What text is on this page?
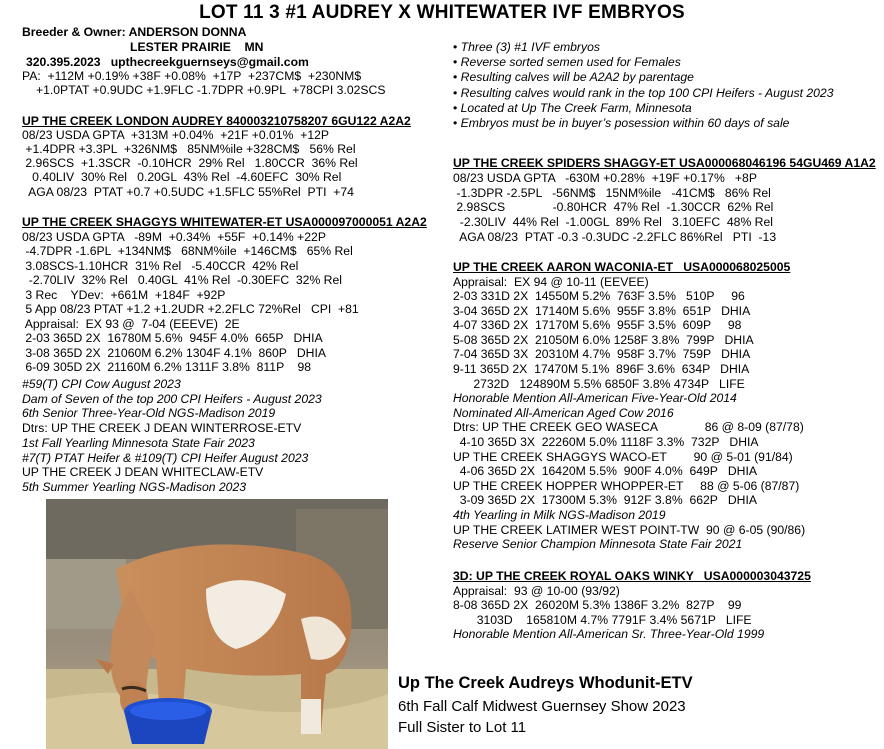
LOT 11 3 #1 AUDREY X WHITEWATER IVF EMBRYOS
Breeder & Owner: ANDERSON DONNA
LESTER PRAIRIE    MN
320.395.2023   upthecreekguernseys@gmail.com
PA:  +112M +0.19% +38F +0.08%  +17P  +237CM$  +230NM$
+1.0PTAT +0.9UDC +1.9FLC -1.7DPR +0.9PL  +78CPI 3.02SCS
• Three (3) #1 IVF embryos
• Reverse sorted semen used for Females
• Resulting calves will be A2A2 by parentage
• Resulting calves would rank in the top 100 CPI Heifers - August 2023
• Located at Up The Creek Farm, Minnesota
• Embryos must be in buyer’s posession within 60 days of sale
UP THE CREEK LONDON AUDREY 840003210758207 6GU122 A2A2
08/23 USDA GPTA  +313M +0.04%  +21F +0.01%  +12P
+1.4DPR +3.3PL  +326NM$   85NM%ile +328CM$   56% Rel
2.96SCS  +1.3SCR  -0.10HCR  29% Rel   1.80CCR  36% Rel
0.40LIV  30% Rel   0.20GL  43% Rel  -4.60EFC  30% Rel
AGA 08/23  PTAT +0.7 +0.5UDC +1.5FLC 55%Rel  PTI  +74
UP THE CREEK SHAGGYS WHITEWATER-ET USA000097000051 A2A2
08/23 USDA GPTA   -89M  +0.34%  +55F  +0.14% +22P
-4.7DPR -1.6PL  +134NM$   68NM%ile  +146CM$   65% Rel
3.08SCS-1.10HCR  31% Rel   -5.40CCR  42% Rel
-2.70LIV  32% Rel   0.40GL  41% Rel  -0.30EFC  32% Rel
3 Rec    YDev:  +661M  +184F  +92P
5 App 08/23 PTAT +1.2 +1.2UDR +2.2FLC 72%Rel   CPI  +81
Appraisal:  EX 93 @  7-04 (EEEVE)  2E
2-03 365D 2X  16780M 5.6%  945F 4.0%  665P   DHIA
3-08 365D 2X  21060M 6.2% 1304F 4.1%  860P   DHIA
6-09 305D 2X  21160M 6.2% 1311F 3.8%  811P    98
#59(T) CPI Cow August 2023
Dam of Seven of the top 200 CPI Heifers - August 2023
6th Senior Three-Year-Old NGS-Madison 2019
Dtrs: UP THE CREEK J DEAN WINTERROSE-ETV
1st Fall Yearling Minnesota State Fair 2023
#7(T) PTAT Heifer & #109(T) CPI Heifer August 2023
UP THE CREEK J DEAN WHITECLAW-ETV
5th Summer Yearling NGS-Madison 2023
UP THE CREEK SPIDERS SHAGGY-ET USA000068046196 54GU469 A1A2
08/23 USDA GPTA   -630M +0.28%  +19F +0.17%   +8P
-1.3DPR -2.5PL   -56NM$   15NM%ile   -41CM$   86% Rel
2.98SCS              -0.80HCR  47% Rel  -1.30CCR  62% Rel
-2.30LIV  44% Rel  -1.00GL  89% Rel   3.10EFC  48% Rel
AGA 08/23  PTAT -0.3 -0.3UDC -2.2FLC 86%Rel   PTI  -13
UP THE CREEK AARON WACONIA-ET   USA000068025005
Appraisal:  EX 94 @ 10-11 (EEVEE)
2-03 331D 2X  14550M 5.2%  763F 3.5%   510P     96
3-04 365D 2X  17140M 5.6%  955F 3.8%  651P   DHIA
4-07 336D 2X  17170M 5.6%  955F 3.5%  609P     98
5-08 365D 2X  21050M 6.0% 1258F 3.8%  799P   DHIA
7-04 365D 3X  20310M 4.7%  958F 3.7%  759P   DHIA
9-11 365D 2X  17470M 5.1%  896F 3.6%  634P   DHIA
2732D   124890M 5.5% 6850F 3.8% 4734P   LIFE
Honorable Mention All-American Five-Year-Old 2014
Nominated All-American Aged Cow 2016
Dtrs: UP THE CREEK GEO WASECA              86 @ 8-09 (87/78)
4-10 365D 3X  22260M 5.0% 1118F 3.3%  732P   DHIA
UP THE CREEK SHAGGYS WACO-ET        90 @ 5-01 (91/84)
4-06 365D 2X  16420M 5.5%  900F 4.0%  649P   DHIA
UP THE CREEK HOPPER WHOPPER-ET     88 @ 5-06 (87/87)
3-09 365D 2X  17300M 5.3%  912F 3.8%  662P   DHIA
4th Yearling in Milk NGS-Madison 2019
UP THE CREEK LATIMER WEST POINT-TW  90 @ 6-05 (90/86)
Reserve Senior Champion Minnesota State Fair 2021
3D: UP THE CREEK ROYAL OAKS WINKY   USA000003043725
Appraisal:  93 @ 10-00 (93/92)
8-08 365D 2X  26020M 5.3% 1386F 3.2%  827P    99
3103D    165810M 4.7% 7791F 3.4% 5671P   LIFE
Honorable Mention All-American Sr. Three-Year-Old 1999
Up The Creek Audreys Whodunit-ETV
6th Fall Calf Midwest Guernsey Show 2023
Full Sister to Lot 11
